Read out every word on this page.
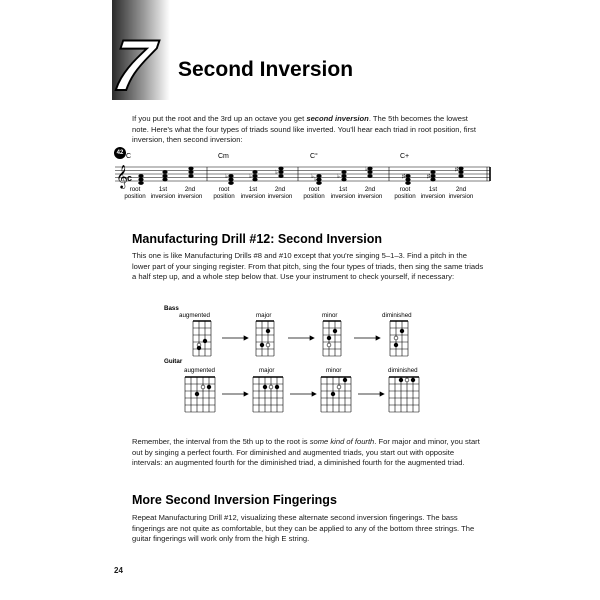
7 Second Inversion
If you put the root and the 3rd up an octave you get second inversion. The 5th becomes the lowest note. Here's what the four types of triads sound like inverted. You'll hear each triad in root position, first inversion, then second inversion:
42
𝄞 c	♭	♭
♭
♭ ♭	♭
♭
♯	♯
♯
C	Cm	C°	C+
root
position
1st
inversion
2nd
inversion
root
position
1st
inversion
2nd
inversion
root
position
1st
inversion
2nd
inversion
root
position
1st
inversion
2nd
inversion
Manufacturing Drill #12: Second Inversion
This one is like Manufacturing Drills #8 and #10 except that you're singing 5–1–3. Find a pitch in the lower part of your singing register. From that pitch, sing the four types of triads, then sing the same triads a half step up, and a whole step below that. Use your instrument to check yourself, if necessary:
Bass
augmented	major	minor	diminished
Guitar
augmented	major	minor	diminished
Remember, the interval from the 5th up to the root is some kind of fourth. For major and minor, you start out by singing a perfect fourth. For diminished and augmented triads, you start out with opposite intervals: an augmented fourth for the diminished triad, a diminished fourth for the augmented triad.
More Second Inversion Fingerings
Repeat Manufacturing Drill #12, visualizing these alternate second inversion fingerings. The bass fingerings are not quite as comfortable, but they can be applied to any of the bottom three strings. The guitar fingerings will work only from the high E string.
24
